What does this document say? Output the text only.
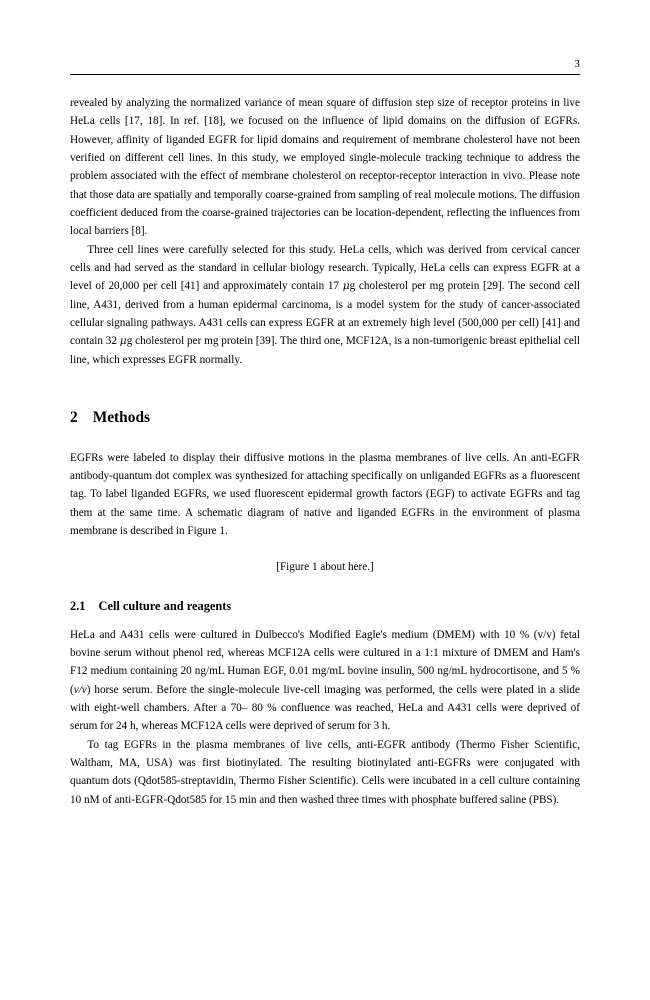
3

revealed by analyzing the normalized variance of mean square of diffusion step size of receptor proteins in live HeLa cells [17, 18]. In ref. [18], we focused on the influence of lipid domains on the diffusion of EGFRs. However, affinity of liganded EGFR for lipid domains and requirement of membrane cholesterol have not been verified on different cell lines. In this study, we employed single-molecule tracking technique to address the problem associated with the effect of membrane cholesterol on receptor-receptor interaction in vivo. Please note that those data are spatially and temporally coarse-grained from sampling of real molecule motions. The diffusion coefficient deduced from the coarse-grained trajectories can be location-dependent, reflecting the influences from local barriers [8].

Three cell lines were carefully selected for this study. HeLa cells, which was derived from cervical cancer cells and had served as the standard in cellular biology research. Typically, HeLa cells can express EGFR at a level of 20,000 per cell [41] and approximately contain 17 μg cholesterol per mg protein [29]. The second cell line, A431, derived from a human epidermal carcinoma, is a model system for the study of cancer-associated cellular signaling pathways. A431 cells can express EGFR at an extremely high level (500,000 per cell) [41] and contain 32 μg cholesterol per mg protein [39]. The third one, MCF12A, is a non-tumorigenic breast epithelial cell line, which expresses EGFR normally.

2 Methods

EGFRs were labeled to display their diffusive motions in the plasma membranes of live cells. An anti-EGFR antibody-quantum dot complex was synthesized for attaching specifically on unliganded EGFRs as a fluorescent tag. To label liganded EGFRs, we used fluorescent epidermal growth factors (EGF) to activate EGFRs and tag them at the same time. A schematic diagram of native and liganded EGFRs in the environment of plasma membrane is described in Figure 1.

[Figure 1 about here.]

2.1 Cell culture and reagents

HeLa and A431 cells were cultured in Dulbecco's Modified Eagle's medium (DMEM) with 10 % (v/v) fetal bovine serum without phenol red, whereas MCF12A cells were cultured in a 1:1 mixture of DMEM and Ham's F12 medium containing 20 ng/mL Human EGF, 0.01 mg/mL bovine insulin, 500 ng/mL hydrocortisone, and 5 %(v/v) horse serum. Before the single-molecule live-cell imaging was performed, the cells were plated in a slide with eight-well chambers. After a 70– 80 % confluence was reached, HeLa and A431 cells were deprived of serum for 24 h, whereas MCF12A cells were deprived of serum for 3 h.

To tag EGFRs in the plasma membranes of live cells, anti-EGFR antibody (Thermo Fisher Scientific, Waltham, MA, USA) was first biotinylated. The resulting biotinylated anti-EGFRs were conjugated with quantum dots (Qdot585-streptavidin, Thermo Fisher Scientific). Cells were incubated in a cell culture containing 10 nM of anti-EGFR-Qdot585 for 15 min and then washed three times with phosphate buffered saline (PBS).
